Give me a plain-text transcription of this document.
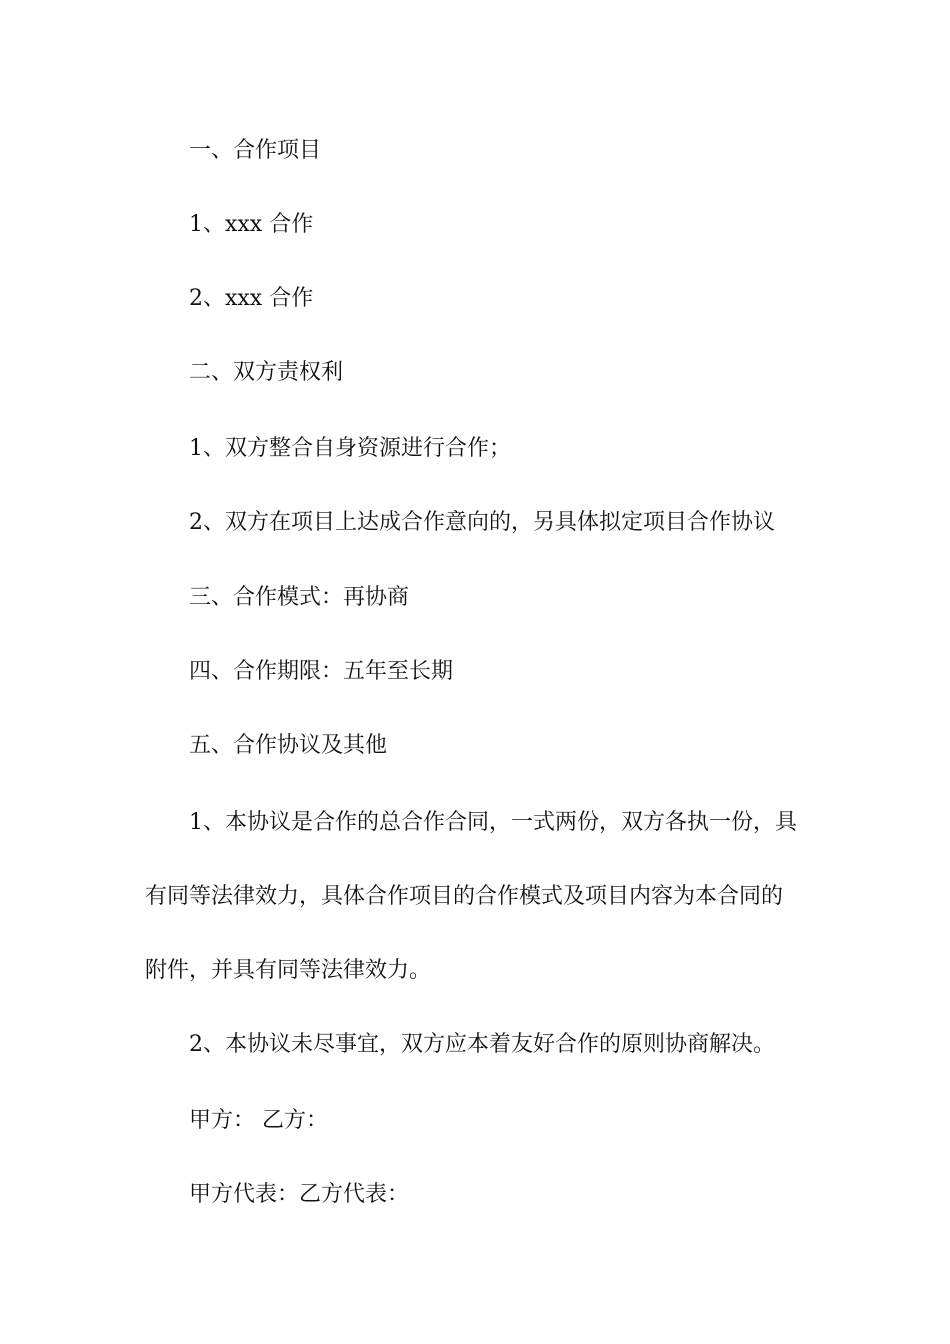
一、合作项目
1、xxx 合作
2、xxx 合作
二、双方责权利
1、双方整合自身资源进行合作；
2、双方在项目上达成合作意向的，另具体拟定项目合作协议
三、合作模式：再协商
四、合作期限：五年至长期
五、合作协议及其他
1、本协议是合作的总合作合同，一式两份，双方各执一份，具
有同等法律效力，具体合作项目的合作模式及项目内容为本合同的
附件，并具有同等法律效力。
2、本协议未尽事宜，双方应本着友好合作的原则协商解决。
甲方： 乙方：
甲方代表：乙方代表：
